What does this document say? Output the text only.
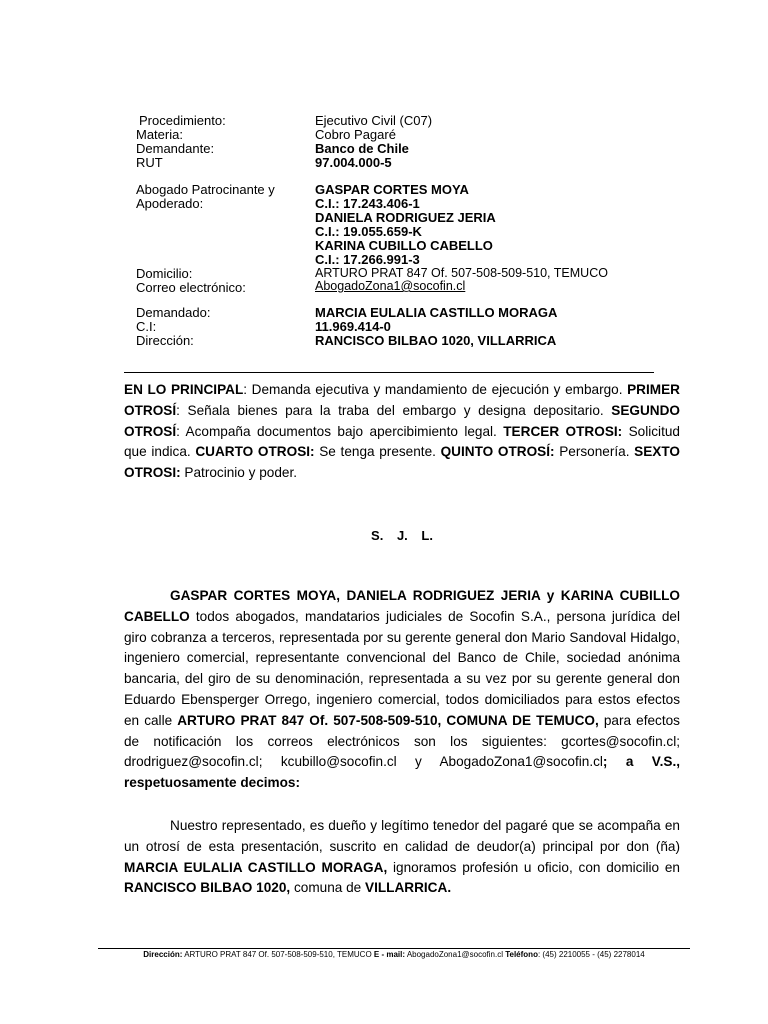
Procedimiento:	Ejecutivo Civil (C07)
Materia:	Cobro Pagaré
Demandante:	Banco de Chile
RUT	97.004.000-5
Abogado Patrocinante y
Apoderado:
GASPAR CORTES MOYA
C.I.: 17.243.406-1
DANIELA RODRIGUEZ JERIA
C.I.: 19.055.659-K
KARINA CUBILLO CABELLO
C.I.: 17.266.991-3
Domicilio:	ARTURO PRAT 847 Of. 507-508-509-510, TEMUCO
Correo electrónico:	AbogadoZona1@socofin.cl
Demandado:	MARCIA EULALIA CASTILLO MORAGA
C.I:	11.969.414-0
Dirección:	RANCISCO BILBAO 1020, VILLARRICA
EN LO PRINCIPAL: Demanda ejecutiva y mandamiento de ejecución y embargo. PRIMER OTROSÍ: Señala bienes para la traba del embargo y designa depositario. SEGUNDO OTROSÍ: Acompaña documentos bajo apercibimiento legal. TERCER OTROSI: Solicitud que indica. CUARTO OTROSI: Se tenga presente. QUINTO OTROSÍ: Personería. SEXTO OTROSI: Patrocinio y poder.
S. J. L.
GASPAR CORTES MOYA, DANIELA RODRIGUEZ JERIA y KARINA CUBILLO CABELLO todos abogados, mandatarios judiciales de Socofin S.A., persona jurídica del giro cobranza a terceros, representada por su gerente general don Mario Sandoval Hidalgo, ingeniero comercial, representante convencional del Banco de Chile, sociedad anónima bancaria, del giro de su denominación, representada a su vez por su gerente general don Eduardo Ebensperger Orrego, ingeniero comercial, todos domiciliados para estos efectos en calle ARTURO PRAT 847 Of. 507-508-509-510, COMUNA DE TEMUCO, para efectos de notificación los correos electrónicos son los siguientes: gcortes@socofin.cl; drodriguez@socofin.cl; kcubillo@socofin.cl y AbogadoZona1@socofin.cl; a V.S., respetuosamente decimos:
Nuestro representado, es dueño y legítimo tenedor del pagaré que se acompaña en un otrosí de esta presentación, suscrito en calidad de deudor(a) principal por don (ña) MARCIA EULALIA CASTILLO MORAGA, ignoramos profesión u oficio, con domicilio en RANCISCO BILBAO 1020, comuna de VILLARRICA.
Dirección: ARTURO PRAT 847 Of. 507-508-509-510, TEMUCO E - mail: AbogadoZona1@socofin.cl Teléfono: (45) 2210055 - (45) 2278014
